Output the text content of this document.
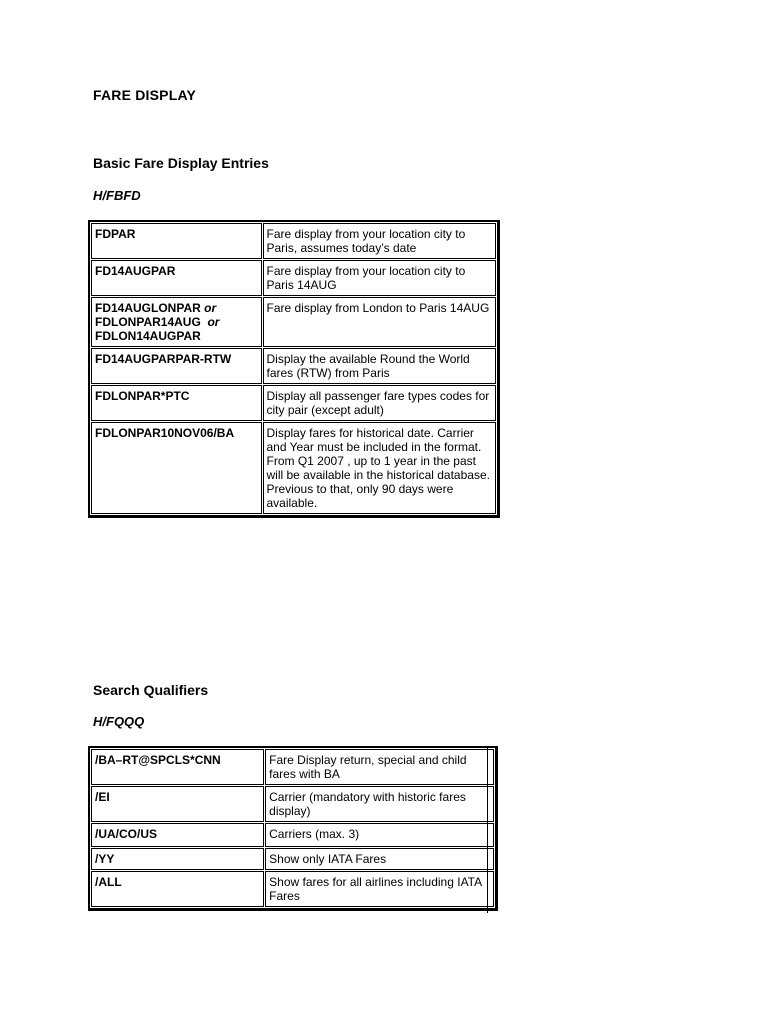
FARE DISPLAY
Basic Fare Display Entries
H/FBFD
FDPAR	Fare display from your location city to Paris, assumes today’s date
FD14AUGPAR	Fare display from your location city to Paris 14AUG
FD14AUGLONPAR or
FDLONPAR14AUG or
FDLON14AUGPAR	Fare display from London to Paris 14AUG
FD14AUGPARPAR-RTW	Display the available Round the World fares (RTW) from Paris
FDLONPAR*PTC	Display all passenger fare types codes for city pair (except adult)
FDLONPAR10NOV06/BA	Display fares for historical date. Carrier and Year must be included in the format. From Q1 2007 , up to 1 year in the past will be available in the historical database. Previous to that, only 90 days were available.
Search Qualifiers
H/FQQQ
/BA–RT@SPCLS*CNN	Fare Display return, special and child fares with BA
/EI	Carrier (mandatory with historic fares display)
/UA/CO/US	Carriers (max. 3)
/YY	Show only IATA Fares
/ALL	Show fares for all airlines including IATA Fares
